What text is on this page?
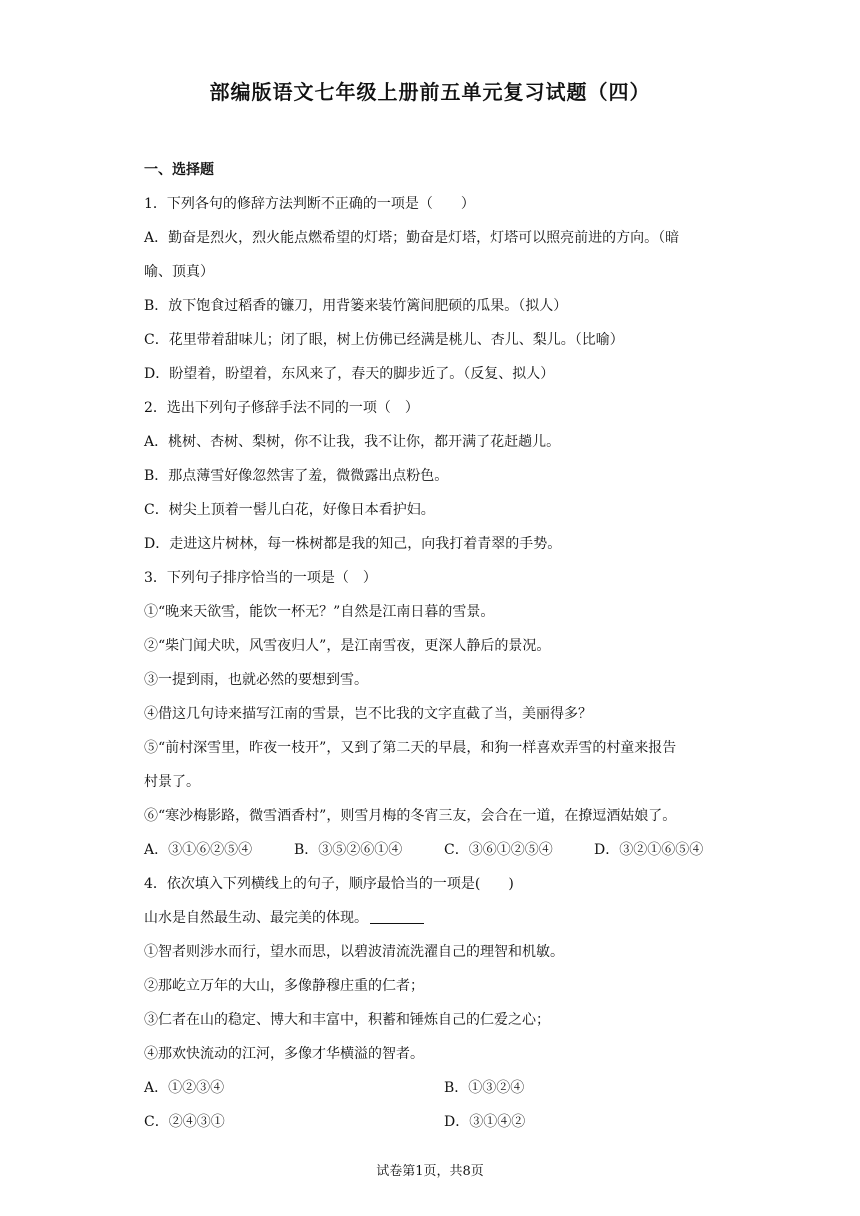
部编版语文七年级上册前五单元复习试题（四）
一、选择题
1．下列各句的修辞方法判断不正确的一项是（　　）
A．勤奋是烈火，烈火能点燃希望的灯塔；勤奋是灯塔，灯塔可以照亮前进的方向。（暗
喻、顶真）
B．放下饱食过稻香的镰刀，用背篓来装竹篱间肥硕的瓜果。（拟人）
C．花里带着甜味儿；闭了眼，树上仿佛已经满是桃儿、杏儿、梨儿。（比喻）
D．盼望着，盼望着，东风来了，春天的脚步近了。（反复、拟人）
2．选出下列句子修辞手法不同的一项（　）
A．桃树、杏树、梨树，你不让我，我不让你，都开满了花赶趟儿。
B．那点薄雪好像忽然害了羞，微微露出点粉色。
C．树尖上顶着一髻儿白花，好像日本看护妇。
D．走进这片树林，每一株树都是我的知己，向我打着青翠的手势。
3．下列句子排序恰当的一项是（　）
①“晚来天欲雪，能饮一杯无？”自然是江南日暮的雪景。
②“柴门闻犬吠，风雪夜归人”，是江南雪夜，更深人静后的景况。
③一提到雨，也就必然的要想到雪。
④借这几句诗来描写江南的雪景，岂不比我的文字直截了当，美丽得多？
⑤“前村深雪里，昨夜一枝开”，又到了第二天的早晨，和狗一样喜欢弄雪的村童来报告
村景了。
⑥“寒沙梅影路，微雪酒香村”，则雪月梅的冬宵三友，会合在一道，在撩逗酒姑娘了。
A．③①⑥②⑤④	B．③⑤②⑥①④	C．③⑥①②⑤④	D．③②①⑥⑤④
4．依次填入下列横线上的句子，顺序最恰当的一项是(　　)
山水是自然最生动、最完美的体现。
①智者则涉水而行，望水而思，以碧波清流洗濯自己的理智和机敏。
②那屹立万年的大山，多像静穆庄重的仁者；
③仁者在山的稳定、博大和丰富中，积蓄和锤炼自己的仁爱之心；
④那欢快流动的江河，多像才华横溢的智者。
A．①②③④	B．①③②④
C．②④③①	D．③①④②
试卷第1页，共8页
